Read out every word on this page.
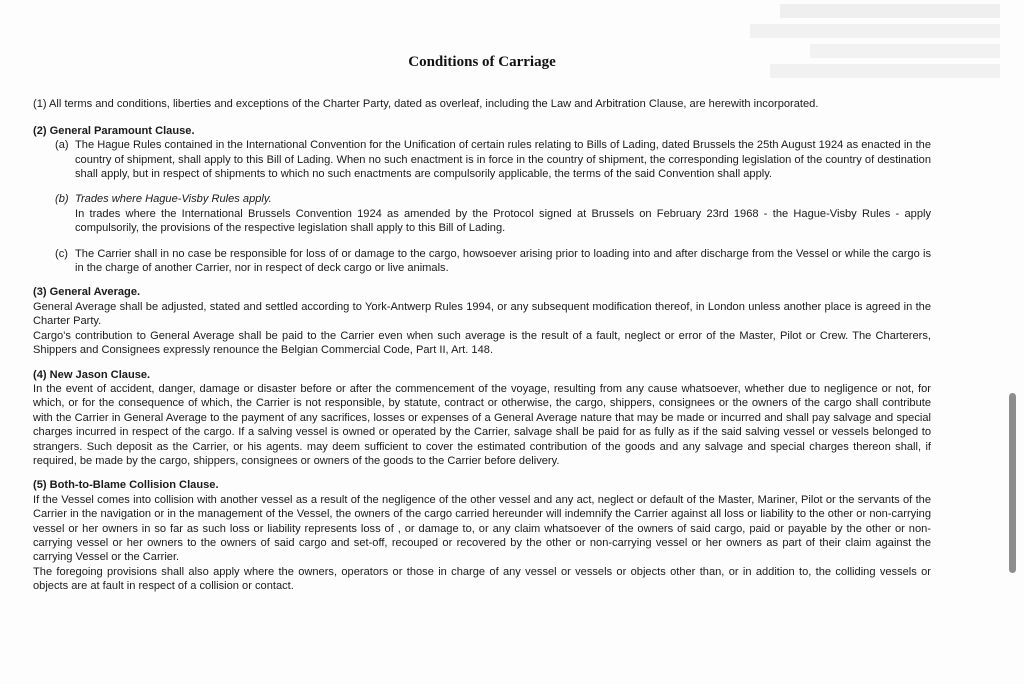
Conditions of Carriage

(1) All terms and conditions, liberties and exceptions of the Charter Party, dated as overleaf, including the Law and Arbitration Clause, are herewith incorporated.

(2) General Paramount Clause.

(a) The Hague Rules contained in the International Convention for the Unification of certain rules relating to Bills of Lading, dated Brussels the 25th August 1924 as enacted in the country of shipment, shall apply to this Bill of Lading. When no such enactment is in force in the country of shipment, the corresponding legislation of the country of destination shall apply, but in respect of shipments to which no such enactments are compulsorily applicable, the terms of the said Convention shall apply.
(b) Trades where Hague-Visby Rules apply.
In trades where the International Brussels Convention 1924 as amended by the Protocol signed at Brussels on February 23rd 1968 - the Hague-Visby Rules - apply compulsorily, the provisions of the respective legislation shall apply to this Bill of Lading.
(c) The Carrier shall in no case be responsible for loss of or damage to the cargo, howsoever arising prior to loading into and after discharge from the Vessel or while the cargo is in the charge of another Carrier, nor in respect of deck cargo or live animals.

(3) General Average.

General Average shall be adjusted, stated and settled according to York-Antwerp Rules 1994, or any subsequent modification thereof, in London unless another place is agreed in the Charter Party.

Cargo's contribution to General Average shall be paid to the Carrier even when such average is the result of a fault, neglect or error of the Master, Pilot or Crew. The Charterers, Shippers and Consignees expressly renounce the Belgian Commercial Code, Part II, Art. 148.

(4) New Jason Clause.

In the event of accident, danger, damage or disaster before or after the commencement of the voyage, resulting from any cause whatsoever, whether due to negligence or not, for which, or for the consequence of which, the Carrier is not responsible, by statute, contract or otherwise, the cargo, shippers, consignees or the owners of the cargo shall contribute with the Carrier in General Average to the payment of any sacrifices, losses or expenses of a General Average nature that may be made or incurred and shall pay salvage and special charges incurred in respect of the cargo. If a salving vessel is owned or operated by the Carrier, salvage shall be paid for as fully as if the said salving vessel or vessels belonged to strangers. Such deposit as the Carrier, or his agents. may deem sufficient to cover the estimated contribution of the goods and any salvage and special charges thereon shall, if required, be made by the cargo, shippers, consignees or owners of the goods to the Carrier before delivery.

(5) Both-to-Blame Collision Clause.

If the Vessel comes into collision with another vessel as a result of the negligence of the other vessel and any act, neglect or default of the Master, Mariner, Pilot or the servants of the Carrier in the navigation or in the management of the Vessel, the owners of the cargo carried hereunder will indemnify the Carrier against all loss or liability to the other or non-carrying vessel or her owners in so far as such loss or liability represents loss of , or damage to, or any claim whatsoever of the owners of said cargo, paid or payable by the other or non-carrying vessel or her owners to the owners of said cargo and set-off, recouped or recovered by the other or non-carrying vessel or her owners as part of their claim against the carrying Vessel or the Carrier.

The foregoing provisions shall also apply where the owners, operators or those in charge of any vessel or vessels or objects other than, or in addition to, the colliding vessels or objects are at fault in respect of a collision or contact.
